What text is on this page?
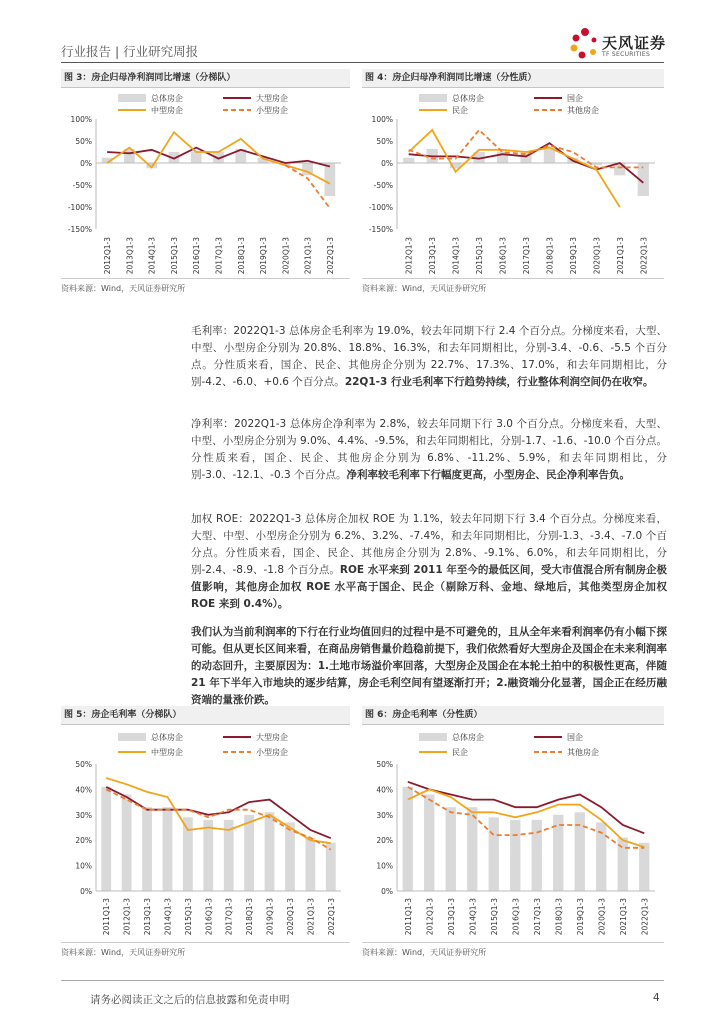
行业报告 | 行业研究周报	天风证券
TF SECURITIES
图 3：房企归母净利润同比增速（分梯队）
总体房企	大型房企
中型房企	小型房企
100%
50%
0%
-50%
-100%
-150%
2012Q1-3 2013Q1-3 2014Q1-3 2015Q1-3 2016Q1-3 2017Q1-3 2018Q1-3 2019Q1-3 2020Q1-3 2021Q1-3 2022Q1-3
资料来源：Wind，天风证券研究所
图 4：房企归母净利润同比增速（分性质）
总体房企	国企
民企	其他房企
100%
50%
0%
-50%
-100%
-150%
2012Q1-3 2013Q1-3 2014Q1-3 2015Q1-3 2016Q1-3 2017Q1-3 2018Q1-3 2019Q1-3 2020Q1-3 2021Q1-3 2022Q1-3
资料来源：Wind，天风证券研究所
毛利率：2022Q1-3 总体房企毛利率为 19.0%，较去年同期下行 2.4 个百分点。分梯度来看，大型、中型、小型房企分别为 20.8%、18.8%、16.3%，和去年同期相比，分别-3.4、-0.6、-5.5 个百分点。分性质来看，国企、民企、其他房企分别为 22.7%、17.3%、17.0%，和去年同期相比，分别-4.2、-6.0、+0.6 个百分点。22Q1-3 行业毛利率下行趋势持续，行业整体利润空间仍在收窄。
净利率：2022Q1-3 总体房企净利率为 2.8%，较去年同期下行 3.0 个百分点。分梯度来看，大型、中型、小型房企分别为 9.0%、4.4%、-9.5%，和去年同期相比，分别-1.7、-1.6、-10.0 个百分点。分性质来看，国企、民企、其他房企分别为 6.8%、-11.2%、5.9%，和去年同期相比，分别-3.0、-12.1、-0.3 个百分点。净利率较毛利率下行幅度更高，小型房企、民企净利率告负。
加权 ROE：2022Q1-3 总体房企加权 ROE 为 1.1%，较去年同期下行 3.4 个百分点。分梯度来看，大型、中型、小型房企分别为 6.2%、3.2%、-7.4%，和去年同期相比，分别-1.3、-3.4、-7.0 个百分点。分性质来看，国企、民企、其他房企分别为 2.8%、-9.1%、6.0%，和去年同期相比，分别-2.4、-8.9、-1.8 个百分点。ROE 水平来到 2011 年至今的最低区间，受大市值混合所有制房企极值影响，其他房企加权 ROE 水平高于国企、民企（剔除万科、金地、绿地后，其他类型房企加权 ROE 来到 0.4%）。
我们认为当前利润率的下行在行业均值回归的过程中是不可避免的，且从全年来看利润率仍有小幅下探可能。但从更长区间来看，在商品房销售量价趋稳前提下，我们依然看好大型房企及国企在未来利润率的动态回升，主要原因为：1.土地市场溢价率回落，大型房企及国企在本轮土拍中的积极性更高，伴随 21 年下半年入市地块的逐步结算，房企毛利空间有望逐渐打开；2.融资端分化显著，国企正在经历融资端的量涨价跌。
图 5：房企毛利率（分梯队）
总体房企	大型房企
中型房企	小型房企
50%
40%
30%
20%
10%
0%
2011Q1-3 2012Q1-3 2013Q1-3 2014Q1-3 2015Q1-3 2016Q1-3 2017Q1-3 2018Q1-3 2019Q1-3 2020Q1-3 2021Q1-3 2022Q1-3
资料来源：Wind，天风证券研究所
图 6：房企毛利率（分性质）
总体房企	国企
民企	其他房企
50%
40%
30%
20%
10%
0%
2011Q1-3 2012Q1-3 2013Q1-3 2014Q1-3 2015Q1-3 2016Q1-3 2017Q1-3 2018Q1-3 2019Q1-3 2020Q1-3 2021Q1-3 2022Q1-3
资料来源：Wind，天风证券研究所
请务必阅读正文之后的信息披露和免责申明	4
